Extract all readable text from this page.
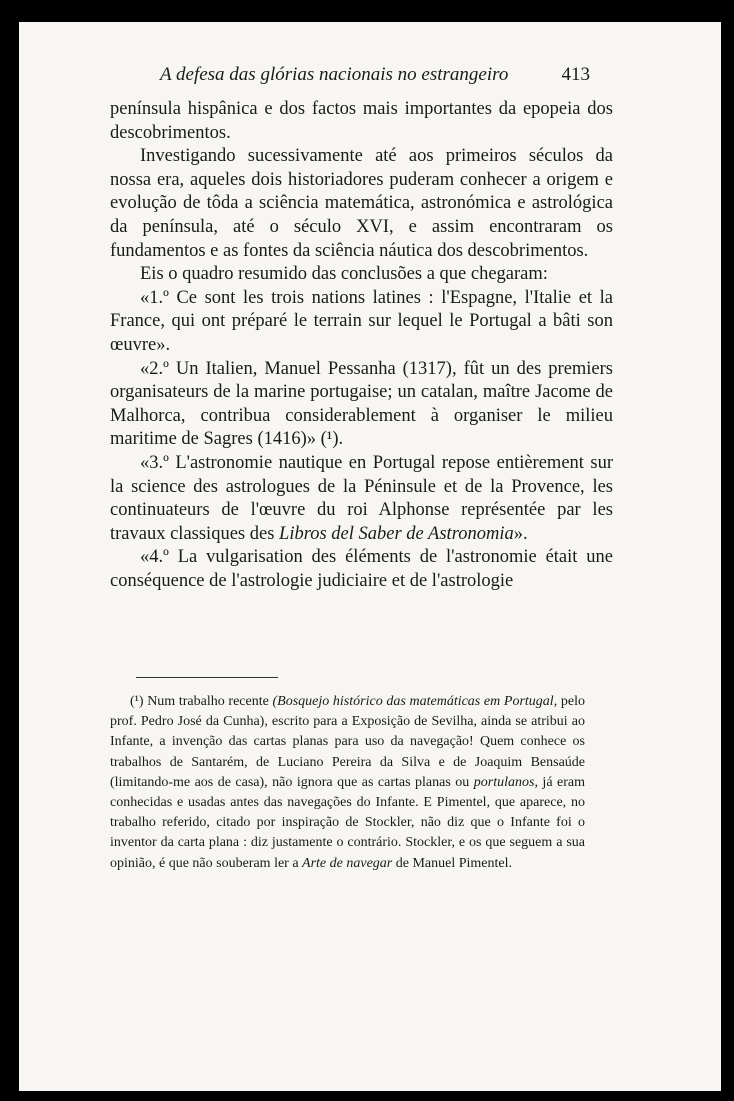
A defesa das glórias nacionais no estrangeiro	413

península hispânica e dos factos mais importantes da epopeia dos descobrimentos.

Investigando sucessivamente até aos primeiros séculos da nossa era, aqueles dois historiadores puderam conhecer a origem e evolução de tôda a sciência matemática, astronómica e astrológica da península, até o século XVI, e assim encontraram os fundamentos e as fontes da sciência náutica dos descobrimentos.

Eis o quadro resumido das conclusões a que chegaram:

«1.º Ce sont les trois nations latines : l'Espagne, l'Italie et la France, qui ont préparé le terrain sur lequel le Portugal a bâti son œuvre».

«2.º Un Italien, Manuel Pessanha (1317), fût un des premiers organisateurs de la marine portugaise; un catalan, maître Jacome de Malhorca, contribua considerablement à organiser le milieu maritime de Sagres (1416)» (¹).

«3.º L'astronomie nautique en Portugal repose entièrement sur la science des astrologues de la Péninsule et de la Provence, les continuateurs de l'œuvre du roi Alphonse représentée par les travaux classiques des Libros del Saber de Astronomia».

«4.º La vulgarisation des éléments de l'astronomie était une conséquence de l'astrologie judiciaire et de l'astrologie

(¹) Num trabalho recente (Bosquejo histórico das matemáticas em Portugal, pelo prof. Pedro José da Cunha), escrito para a Exposição de Sevilha, ainda se atribui ao Infante, a invenção das cartas planas para uso da navegação! Quem conhece os trabalhos de Santarém, de Luciano Pereira da Silva e de Joaquim Bensaúde (limitando-me aos de casa), não ignora que as cartas planas ou portulanos, já eram conhecidas e usadas antes das navegações do Infante. E Pimentel, que aparece, no trabalho referido, citado por inspiração de Stockler, não diz que o Infante foi o inventor da carta plana : diz justamente o contrário. Stockler, e os que seguem a sua opinião, é que não souberam ler a Arte de navegar de Manuel Pimentel.
